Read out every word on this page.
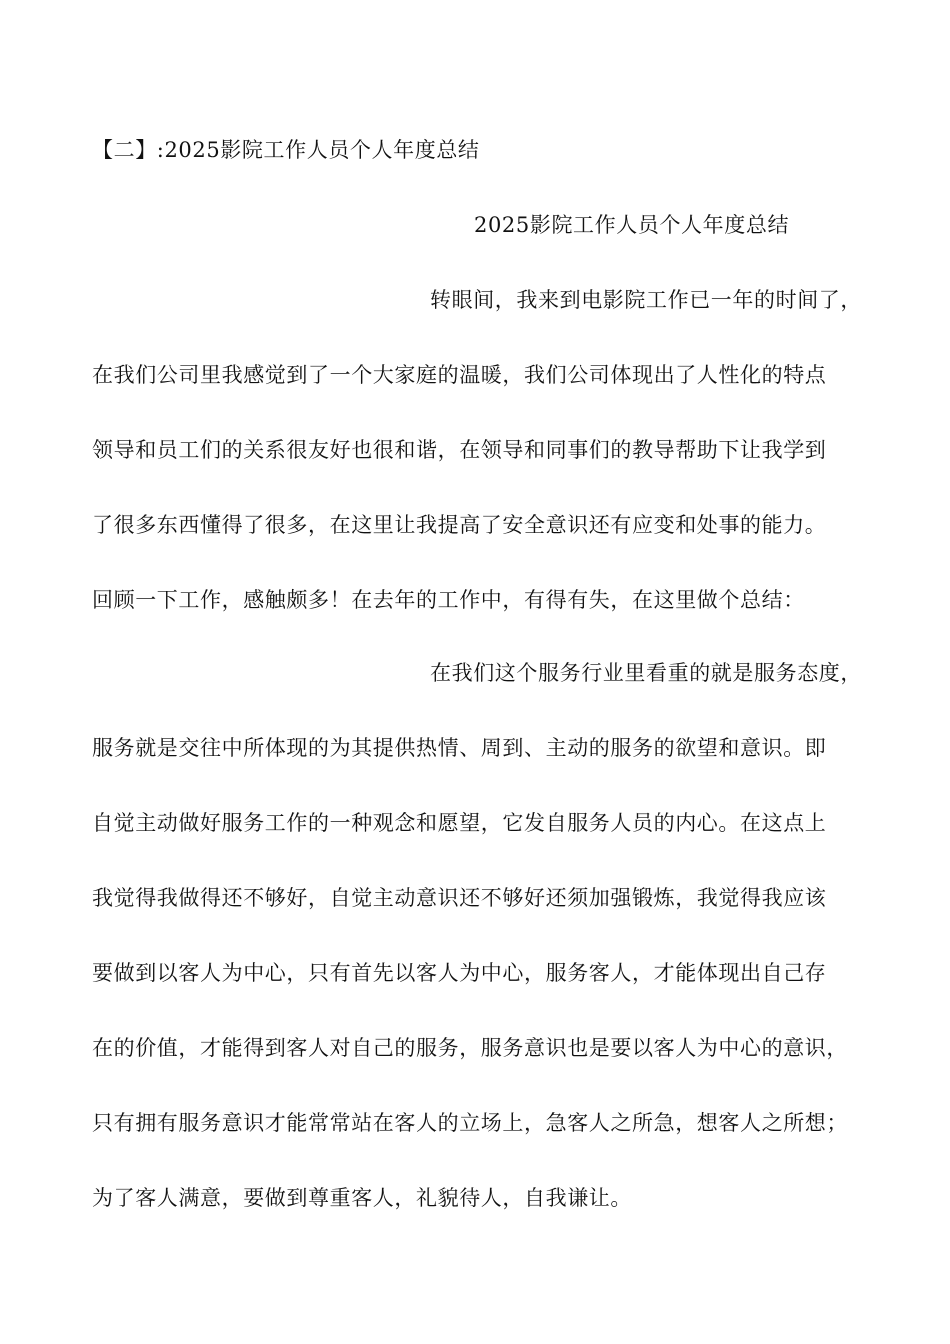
【二】:2025影院工作人员个人年度总结
2025影院工作人员个人年度总结
转眼间，我来到电影院工作已一年的时间了，
在我们公司里我感觉到了一个大家庭的温暖，我们公司体现出了人性化的特点
领导和员工们的关系很友好也很和谐，在领导和同事们的教导帮助下让我学到
了很多东西懂得了很多，在这里让我提高了安全意识还有应变和处事的能力。
回顾一下工作，感触颇多！在去年的工作中，有得有失，在这里做个总结：
在我们这个服务行业里看重的就是服务态度，
服务就是交往中所体现的为其提供热情、周到、主动的服务的欲望和意识。即
自觉主动做好服务工作的一种观念和愿望，它发自服务人员的内心。在这点上
我觉得我做得还不够好，自觉主动意识还不够好还须加强锻炼，我觉得我应该
要做到以客人为中心，只有首先以客人为中心，服务客人，才能体现出自己存
在的价值，才能得到客人对自己的服务，服务意识也是要以客人为中心的意识，
只有拥有服务意识才能常常站在客人的立场上，急客人之所急，想客人之所想；
为了客人满意，要做到尊重客人，礼貌待人，自我谦让。
